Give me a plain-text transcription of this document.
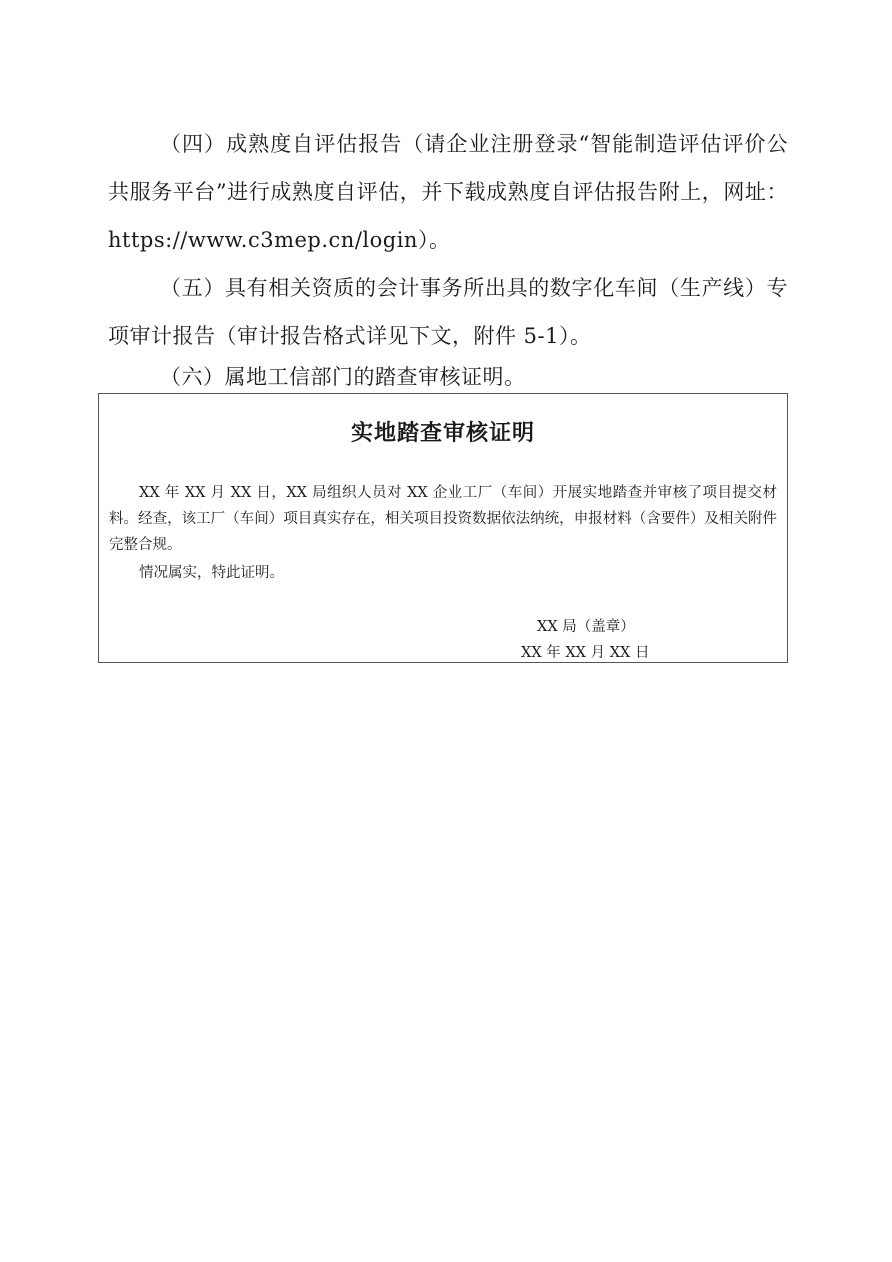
（四）成熟度自评估报告（请企业注册登录“智能制造评估评价公共服务平台”进行成熟度自评估，并下载成熟度自评估报告附上，网址：https://www.c3mep.cn/login）。

（五）具有相关资质的会计事务所出具的数字化车间（生产线）专项审计报告（审计报告格式详见下文，附件 5-1）。

（六）属地工信部门的踏查审核证明。

实地踏查审核证明

XX 年 XX 月 XX 日，XX 局组织人员对 XX 企业工厂（车间）开展实地踏查并审核了项目提交材料。经查，该工厂（车间）项目真实存在，相关项目投资数据依法纳统，申报材料（含要件）及相关附件完整合规。

情况属实，特此证明。

XX 局（盖章）

XX 年 XX 月 XX 日
